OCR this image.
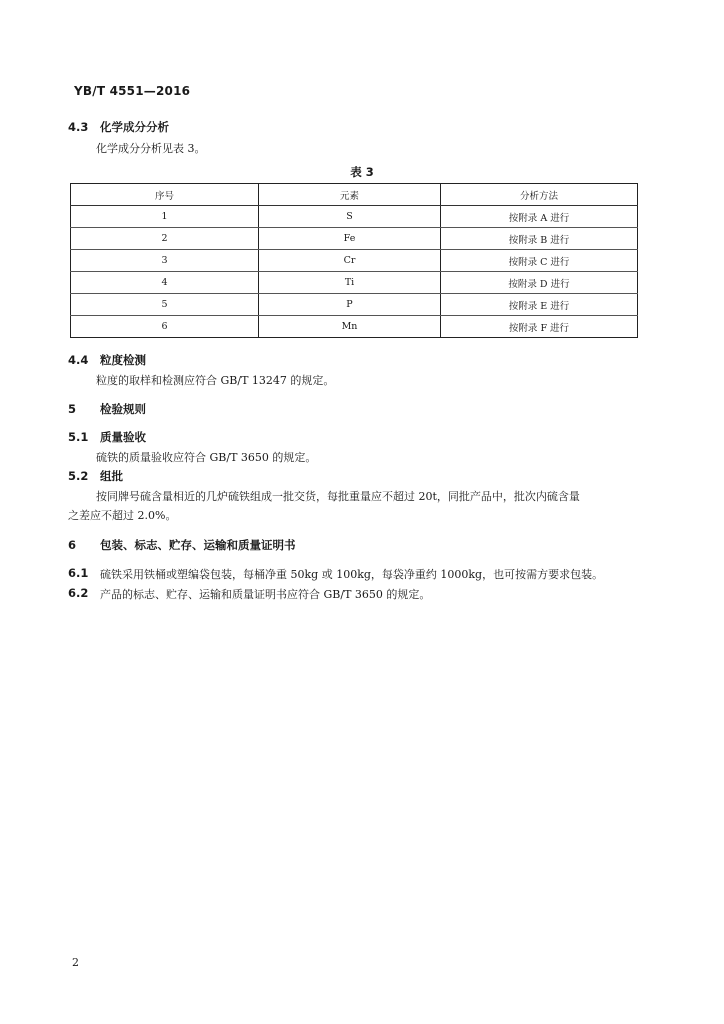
YB/T 4551—2016
4.3 化学成分分析
化学成分分析见表 3。
表 3
序号	元素	分析方法
1	S	按附录 A 进行
2	Fe	按附录 B 进行
3	Cr	按附录 C 进行
4	Ti	按附录 D 进行
5	P	按附录 E 进行
6	Mn	按附录 F 进行
4.4 粒度检测
粒度的取样和检测应符合 GB/T 13247 的规定。
5 检验规则
5.1 质量验收
硫铁的质量验收应符合 GB/T 3650 的规定。
5.2 组批
按同牌号硫含量相近的几炉硫铁组成一批交货，每批重量应不超过 20t，同批产品中，批次内硫含量
之差应不超过 2.0%。
6 包装、标志、贮存、运输和质量证明书
6.1	硫铁采用铁桶或塑编袋包装，每桶净重 50kg 或 100kg，每袋净重约 1000kg，也可按需方要求包装。
6.2	产品的标志、贮存、运输和质量证明书应符合 GB/T 3650 的规定。
2
